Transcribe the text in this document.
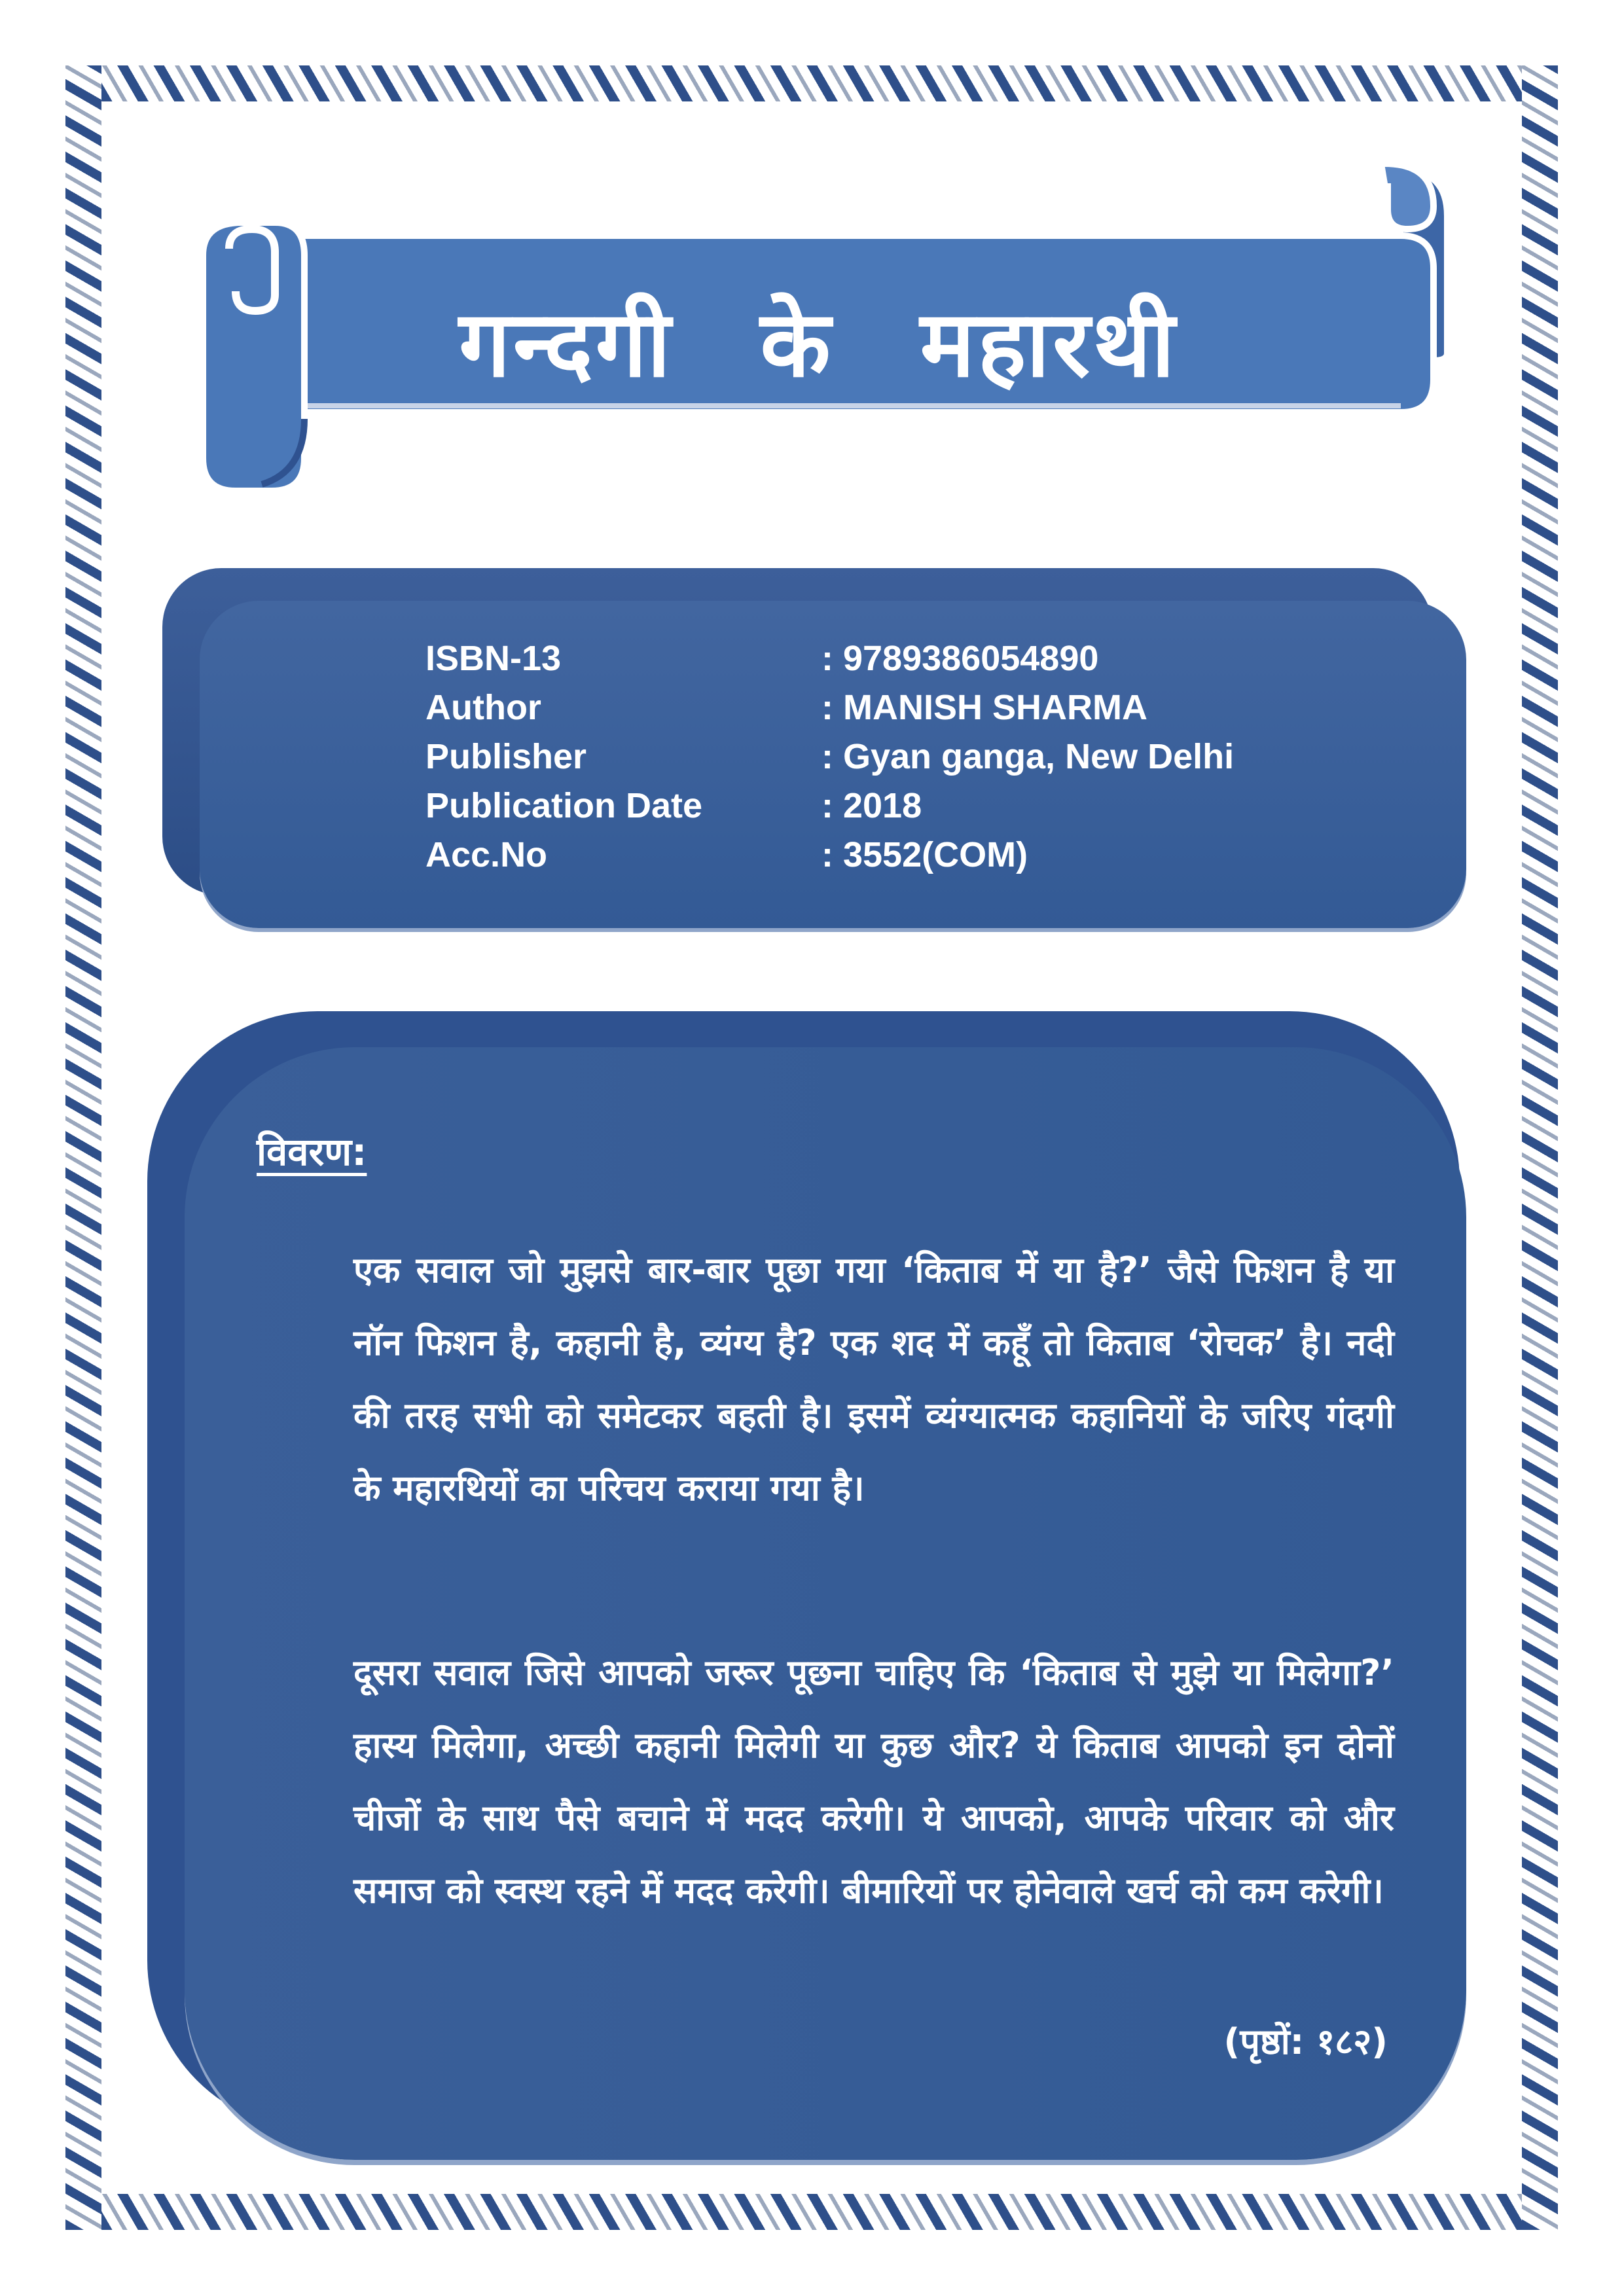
गन्दगी के महारथी
ISBN-13	: 9789386054890
Author	: MANISH SHARMA
Publisher	: Gyan ganga, New Delhi
Publication Date	: 2018
Acc.No	: 3552(COM)
विवरण:

एक सवाल जो मुझसे बार-बार पूछा गया ‘किताब में या है?’ जैसे फिशन है या नॉन फिशन है, कहानी है, व्यंग्य है? एक शद में कहूँ तो किताब ‘रोचक’ है। नदी की तरह सभी को समेटकर बहती है। इसमें व्यंग्यात्मक कहानियों के जरिए गंदगी के महारथियों का परिचय कराया गया है।

दूसरा सवाल जिसे आपको जरूर पूछना चाहिए कि ‘किताब से मुझे या मिलेगा?’ हास्य मिलेगा, अच्छी कहानी मिलेगी या कुछ और? ये किताब आपको इन दोनों चीजों के साथ पैसे बचाने में मदद करेगी। ये आपको, आपके परिवार को और समाज को स्वस्थ रहने में मदद करेगी। बीमारियों पर होनेवाले खर्च को कम करेगी।

(पृष्ठों: १८२)
